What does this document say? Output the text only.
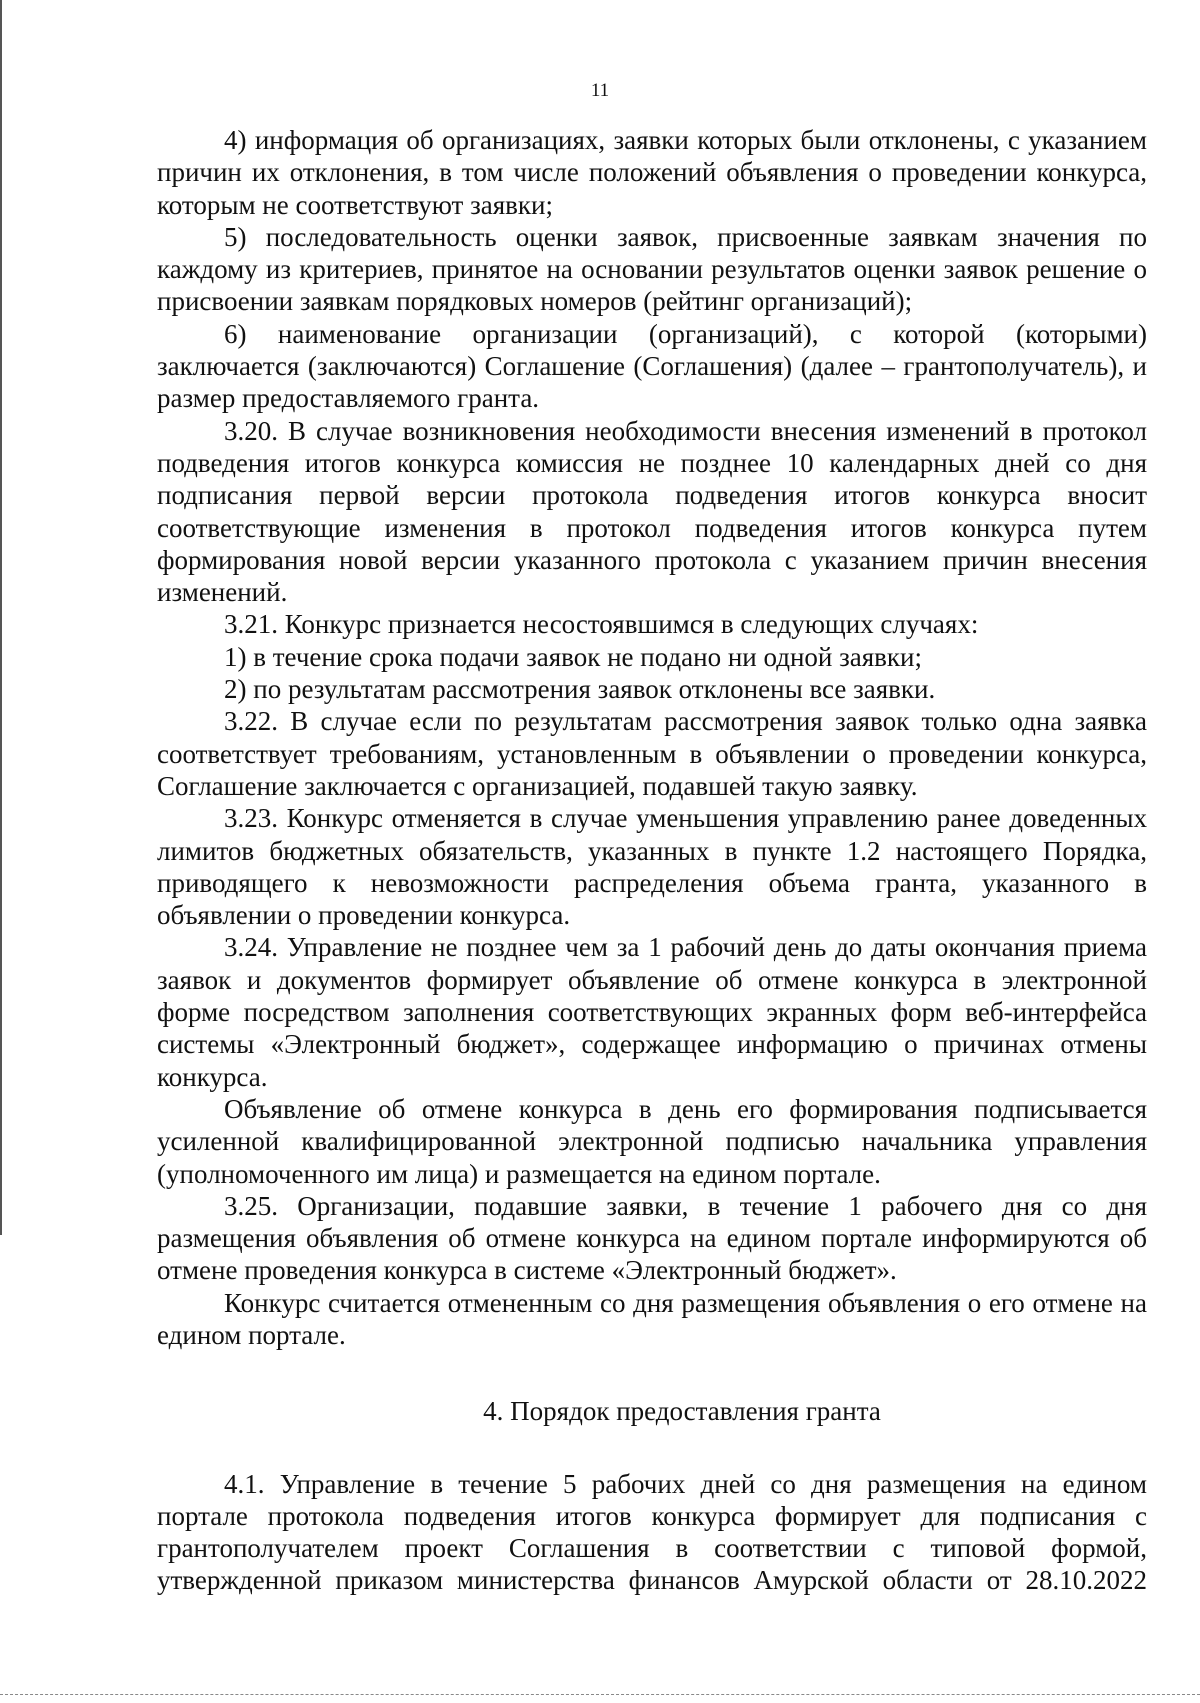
11

4) информация об организациях, заявки которых были отклонены, с указанием причин их отклонения, в том числе положений объявления о проведении конкурса, которым не соответствуют заявки;

5) последовательность оценки заявок, присвоенные заявкам значения по каждому из критериев, принятое на основании результатов оценки заявок решение о присвоении заявкам порядковых номеров (рейтинг организаций);

6) наименование организации (организаций), с которой (которыми) заключается (заключаются) Соглашение (Соглашения) (далее – грантополучатель), и размер предоставляемого гранта.

3.20. В случае возникновения необходимости внесения изменений в протокол подведения итогов конкурса комиссия не позднее 10 календарных дней со дня подписания первой версии протокола подведения итогов конкурса вносит соответствующие изменения в протокол подведения итогов конкурса путем формирования новой версии указанного протокола с указанием причин внесения изменений.

3.21. Конкурс признается несостоявшимся в следующих случаях:

1) в течение срока подачи заявок не подано ни одной заявки;

2) по результатам рассмотрения заявок отклонены все заявки.

3.22. В случае если по результатам рассмотрения заявок только одна заявка соответствует требованиям, установленным в объявлении о проведении конкурса, Соглашение заключается с организацией, подавшей такую заявку.

3.23. Конкурс отменяется в случае уменьшения управлению ранее доведенных лимитов бюджетных обязательств, указанных в пункте 1.2 настоящего Порядка, приводящего к невозможности распределения объема гранта, указанного в объявлении о проведении конкурса.

3.24. Управление не позднее чем за 1 рабочий день до даты окончания приема заявок и документов формирует объявление об отмене конкурса в электронной форме посредством заполнения соответствующих экранных форм веб-интерфейса системы «Электронный бюджет», содержащее информацию о причинах отмены конкурса.

Объявление об отмене конкурса в день его формирования подписывается усиленной квалифицированной электронной подписью начальника управления (уполномоченного им лица) и размещается на едином портале.

3.25. Организации, подавшие заявки, в течение 1 рабочего дня со дня размещения объявления об отмене конкурса на едином портале информируются об отмене проведения конкурса в системе «Электронный бюджет».

Конкурс считается отмененным со дня размещения объявления о его отмене на едином портале.

4. Порядок предоставления гранта

4.1. Управление в течение 5 рабочих дней со дня размещения на едином портале протокола подведения итогов конкурса формирует для подписания с грантополучателем проект Соглашения в соответствии с типовой формой, утвержденной приказом министерства финансов Амурской области от 28.10.2022
